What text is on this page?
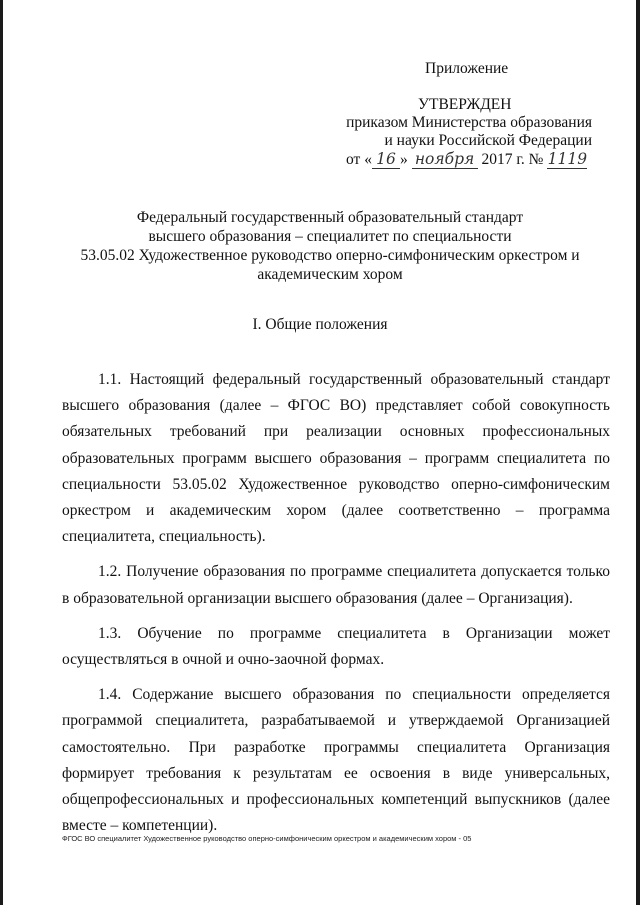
Приложение
УТВЕРЖДЕН
приказом Министерства образования
и науки Российской Федерации
от « 16 » ноября 2017 г. № 1119
Федеральный государственный образовательный стандарт
высшего образования – специалитет по специальности
53.05.02 Художественное руководство оперно-симфоническим оркестром и академическим хором
I. Общие положения

1.1. Настоящий федеральный государственный образовательный стандарт высшего образования (далее – ФГОС ВО) представляет собой совокупность обязательных требований при реализации основных профессиональных образовательных программ высшего образования – программ специалитета по специальности 53.05.02 Художественное руководство оперно-симфоническим оркестром и академическим хором (далее соответственно – программа специалитета, специальность).

1.2. Получение образования по программе специалитета допускается только в образовательной организации высшего образования (далее – Организация).

1.3. Обучение по программе специалитета в Организации может осуществляться в очной и очно-заочной формах.

1.4. Содержание высшего образования по специальности определяется программой специалитета, разрабатываемой и утверждаемой Организацией самостоятельно. При разработке программы специалитета Организация формирует требования к результатам ее освоения в виде универсальных, общепрофессиональных и профессиональных компетенций выпускников (далее вместе – компетенции).

ФГОС ВО специалитет Художественное руководство оперно-симфоническим оркестром и академическим хором - 05
